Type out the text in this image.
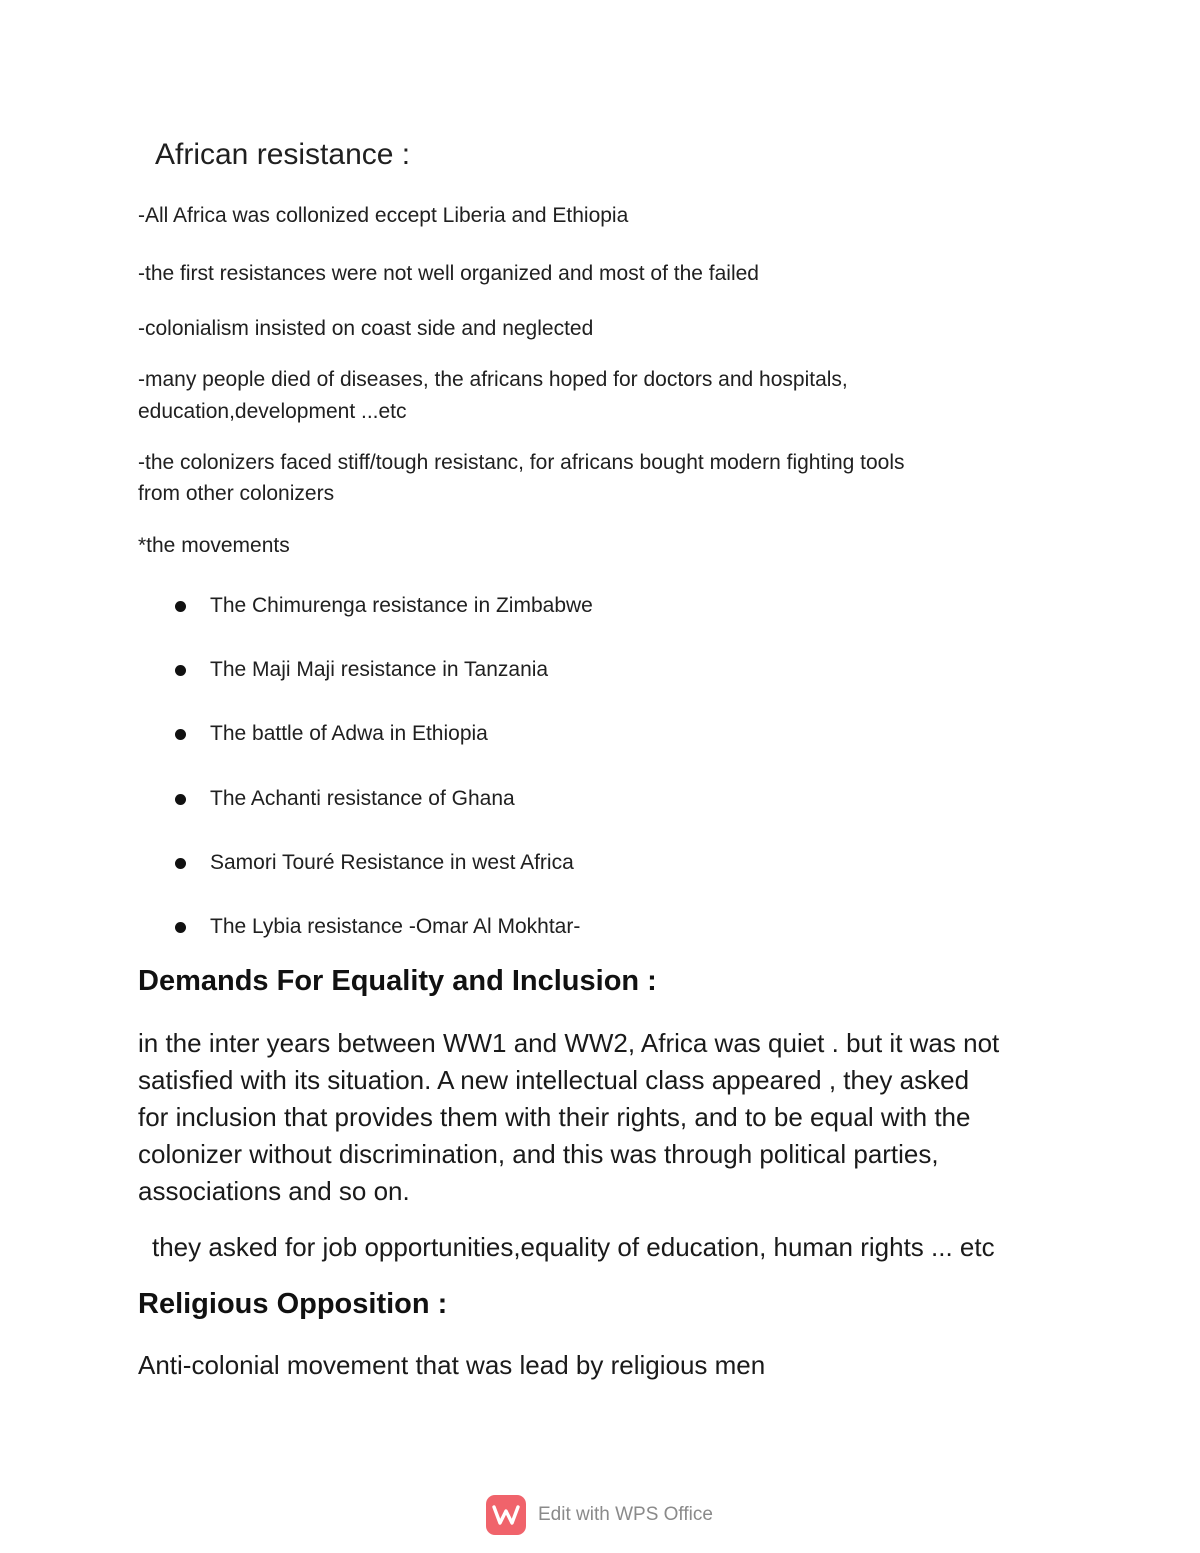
African resistance :
-All Africa was collonized eccept Liberia and Ethiopia
-the first resistances were not well organized and most of the failed
-colonialism insisted on coast side and neglected
-many people died of diseases, the africans hoped for doctors and hospitals,
education,development ...etc
-the colonizers faced stiff/tough resistanc, for africans bought modern fighting tools
from other colonizers
*the movements
The Chimurenga resistance in Zimbabwe
The Maji Maji resistance in Tanzania
The battle of Adwa in Ethiopia
The Achanti resistance of Ghana
Samori Touré Resistance in west Africa
The Lybia resistance -Omar Al Mokhtar-
Demands For Equality and Inclusion :
in the inter years between WW1 and WW2, Africa was quiet . but it was not
satisfied with its situation. A new intellectual class appeared , they asked
for inclusion that provides them with their rights, and to be equal with the
colonizer without discrimination, and this was through political parties,
associations and so on.
they asked for job opportunities,equality of education, human rights ... etc
Religious Opposition :
Anti-colonial movement that was lead by religious men
Edit with WPS Office
